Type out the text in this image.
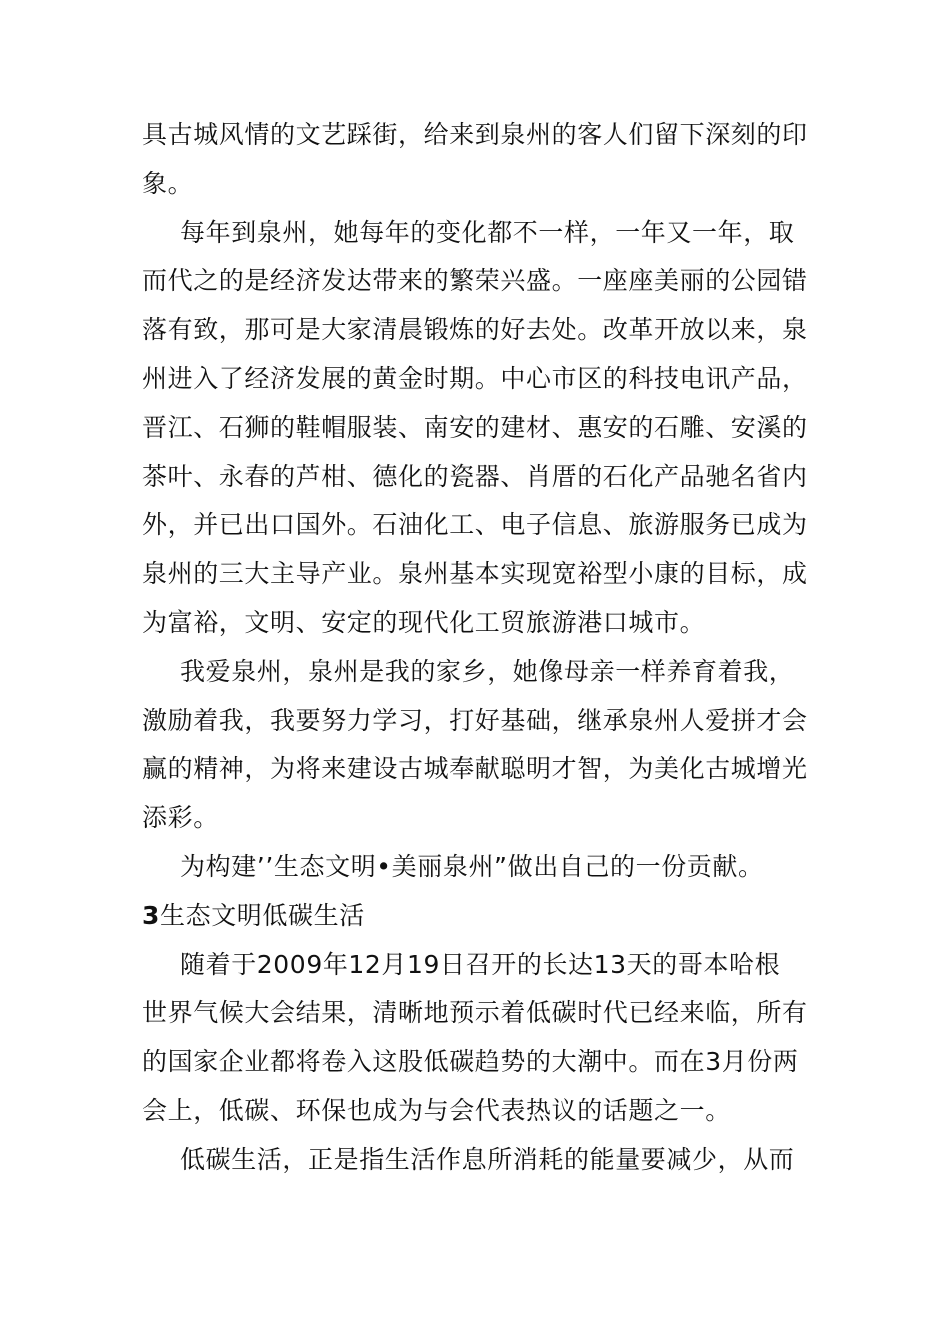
具古城风情的文艺踩街，给来到泉州的客人们留下深刻的印
象。
每年到泉州，她每年的变化都不一样，一年又一年，取
而代之的是经济发达带来的繁荣兴盛。一座座美丽的公园错
落有致，那可是大家清晨锻炼的好去处。改革开放以来，泉
州进入了经济发展的黄金时期。中心市区的科技电讯产品，
晋江、石狮的鞋帽服装、南安的建材、惠安的石雕、安溪的
茶叶、永春的芦柑、德化的瓷器、肖厝的石化产品驰名省内
外，并已出口国外。石油化工、电子信息、旅游服务已成为
泉州的三大主导产业。泉州基本实现宽裕型小康的目标，成
为富裕，文明、安定的现代化工贸旅游港口城市。
我爱泉州，泉州是我的家乡，她像母亲一样养育着我，
激励着我，我要努力学习，打好基础，继承泉州人爱拼才会
赢的精神，为将来建设古城奉献聪明才智，为美化古城增光
添彩。
为构建’’生态文明•美丽泉州”做出自己的一份贡献。
3生态文明低碳生活
随着于2009年12月19日召开的长达13天的哥本哈根
世界气候大会结果，清晰地预示着低碳时代已经来临，所有
的国家企业都将卷入这股低碳趋势的大潮中。而在3月份两
会上，低碳、环保也成为与会代表热议的话题之一。
低碳生活，正是指生活作息所消耗的能量要减少，从而
